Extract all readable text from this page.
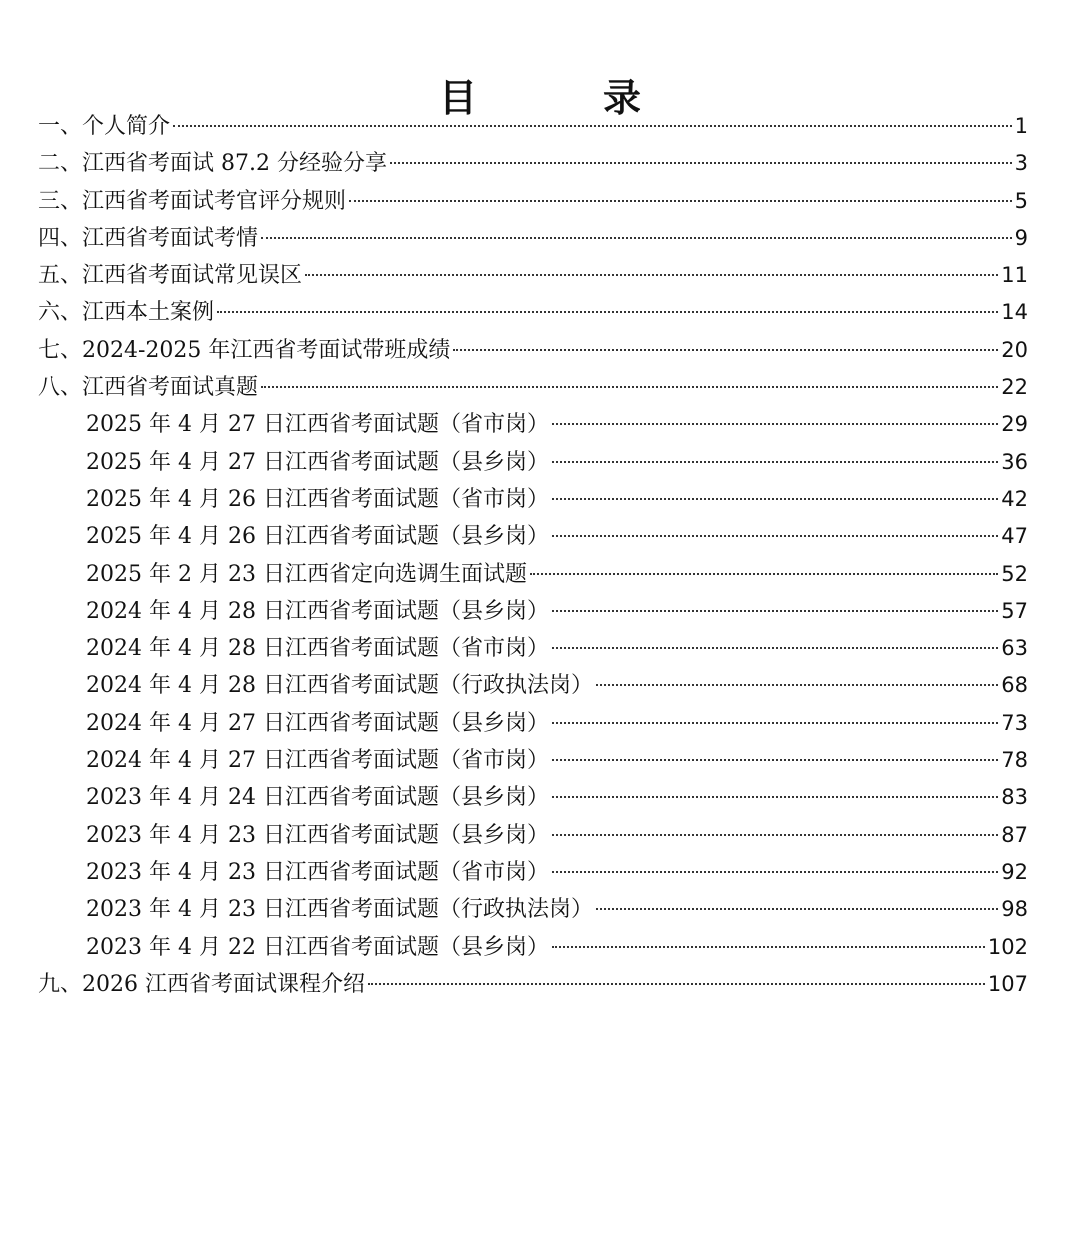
目　录
一、个人简介	1
二、江西省考面试 87.2 分经验分享	3
三、江西省考面试考官评分规则	5
四、江西省考面试考情	9
五、江西省考面试常见误区	11
六、江西本土案例	14
七、2024-2025 年江西省考面试带班成绩	20
八、江西省考面试真题	22
2025 年 4 月 27 日江西省考面试题（省市岗）	29
2025 年 4 月 27 日江西省考面试题（县乡岗）	36
2025 年 4 月 26 日江西省考面试题（省市岗）	42
2025 年 4 月 26 日江西省考面试题（县乡岗）	47
2025 年 2 月 23 日江西省定向选调生面试题	52
2024 年 4 月 28 日江西省考面试题（县乡岗）	57
2024 年 4 月 28 日江西省考面试题（省市岗）	63
2024 年 4 月 28 日江西省考面试题（行政执法岗）	68
2024 年 4 月 27 日江西省考面试题（县乡岗）	73
2024 年 4 月 27 日江西省考面试题（省市岗）	78
2023 年 4 月 24 日江西省考面试题（县乡岗）	83
2023 年 4 月 23 日江西省考面试题（县乡岗）	87
2023 年 4 月 23 日江西省考面试题（省市岗）	92
2023 年 4 月 23 日江西省考面试题（行政执法岗）	98
2023 年 4 月 22 日江西省考面试题（县乡岗）	102
九、2026 江西省考面试课程介绍	107
